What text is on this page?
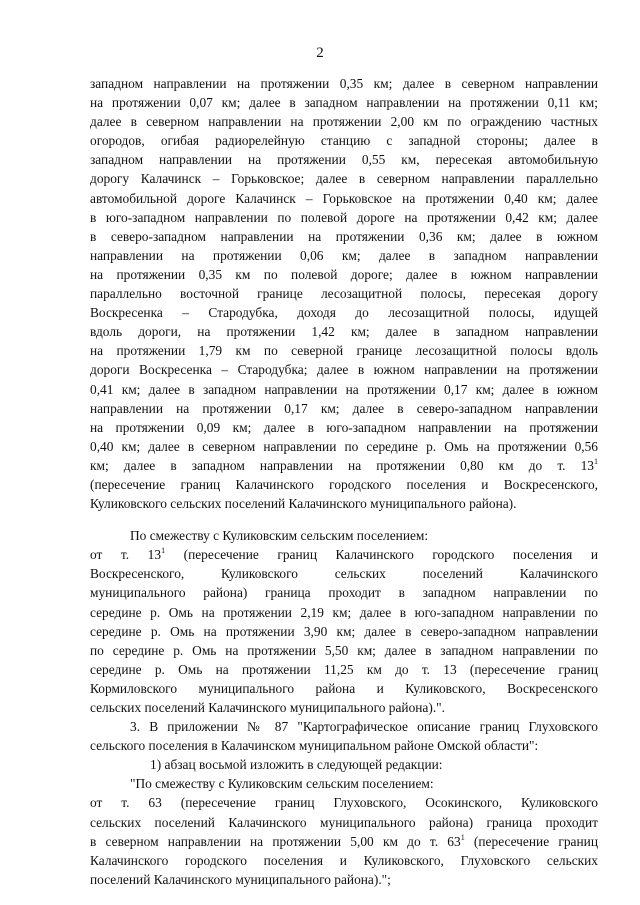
2
западном направлении на протяжении 0,35 км; далее в северном направлении
на протяжении 0,07 км; далее в западном направлении на протяжении 0,11 км;
далее в северном направлении на протяжении 2,00 км по ограждению частных
огородов, огибая радиорелейную станцию с западной стороны; далее в
западном направлении на протяжении 0,55 км, пересекая автомобильную
дорогу Калачинск – Горьковское; далее в северном направлении параллельно
автомобильной дороге Калачинск – Горьковское на протяжении 0,40 км; далее
в юго-западном направлении по полевой дороге на протяжении 0,42 км; далее
в северо-западном направлении на протяжении 0,36 км; далее в южном
направлении на протяжении 0,06 км; далее в западном направлении
на протяжении 0,35 км по полевой дороге; далее в южном направлении
параллельно восточной границе лесозащитной полосы, пересекая дорогу
Воскресенка – Стародубка, доходя до лесозащитной полосы, идущей
вдоль дороги, на протяжении 1,42 км; далее в западном направлении
на протяжении 1,79 км по северной границе лесозащитной полосы вдоль
дороги Воскресенка – Стародубка; далее в южном направлении на протяжении
0,41 км; далее в западном направлении на протяжении 0,17 км; далее в южном
направлении на протяжении 0,17 км; далее в северо-западном направлении
на протяжении 0,09 км; далее в юго-западном направлении на протяжении
0,40 км; далее в северном направлении по середине р. Омь на протяжении 0,56
км; далее в западном направлении на протяжении 0,80 км до т. $13^1$
(пересечение границ Калачинского городского поселения и Воскресенского,
Куликовского сельских поселений Калачинского муниципального района).
По смежеству с Куликовским сельским поселением:
от т. $13^1$ (пересечение границ Калачинского городского поселения и
Воскресенского, Куликовского сельских поселений Калачинского
муниципального района) граница проходит в западном направлении по
середине р. Омь на протяжении 2,19 км; далее в юго-западном направлении по
середине р. Омь на протяжении 3,90 км; далее в северо-западном направлении
по середине р. Омь на протяжении 5,50 км; далее в западном направлении по
середине р. Омь на протяжении 11,25 км до т. 13 (пересечение границ
Кормиловского муниципального района и Куликовского, Воскресенского
сельских поселений Калачинского муниципального района).".
3. В приложении № 87 "Картографическое описание границ Глуховского
сельского поселения в Калачинском муниципальном районе Омской области":
1) абзац восьмой изложить в следующей редакции:
"По смежеству с Куликовским сельским поселением:
от т. 63 (пересечение границ Глуховского, Осокинского, Куликовского
сельских поселений Калачинского муниципального района) граница проходит
в северном направлении на протяжении 5,00 км до т. $63^1$ (пересечение границ
Калачинского городского поселения и Куликовского, Глуховского сельских
поселений Калачинского муниципального района).";
